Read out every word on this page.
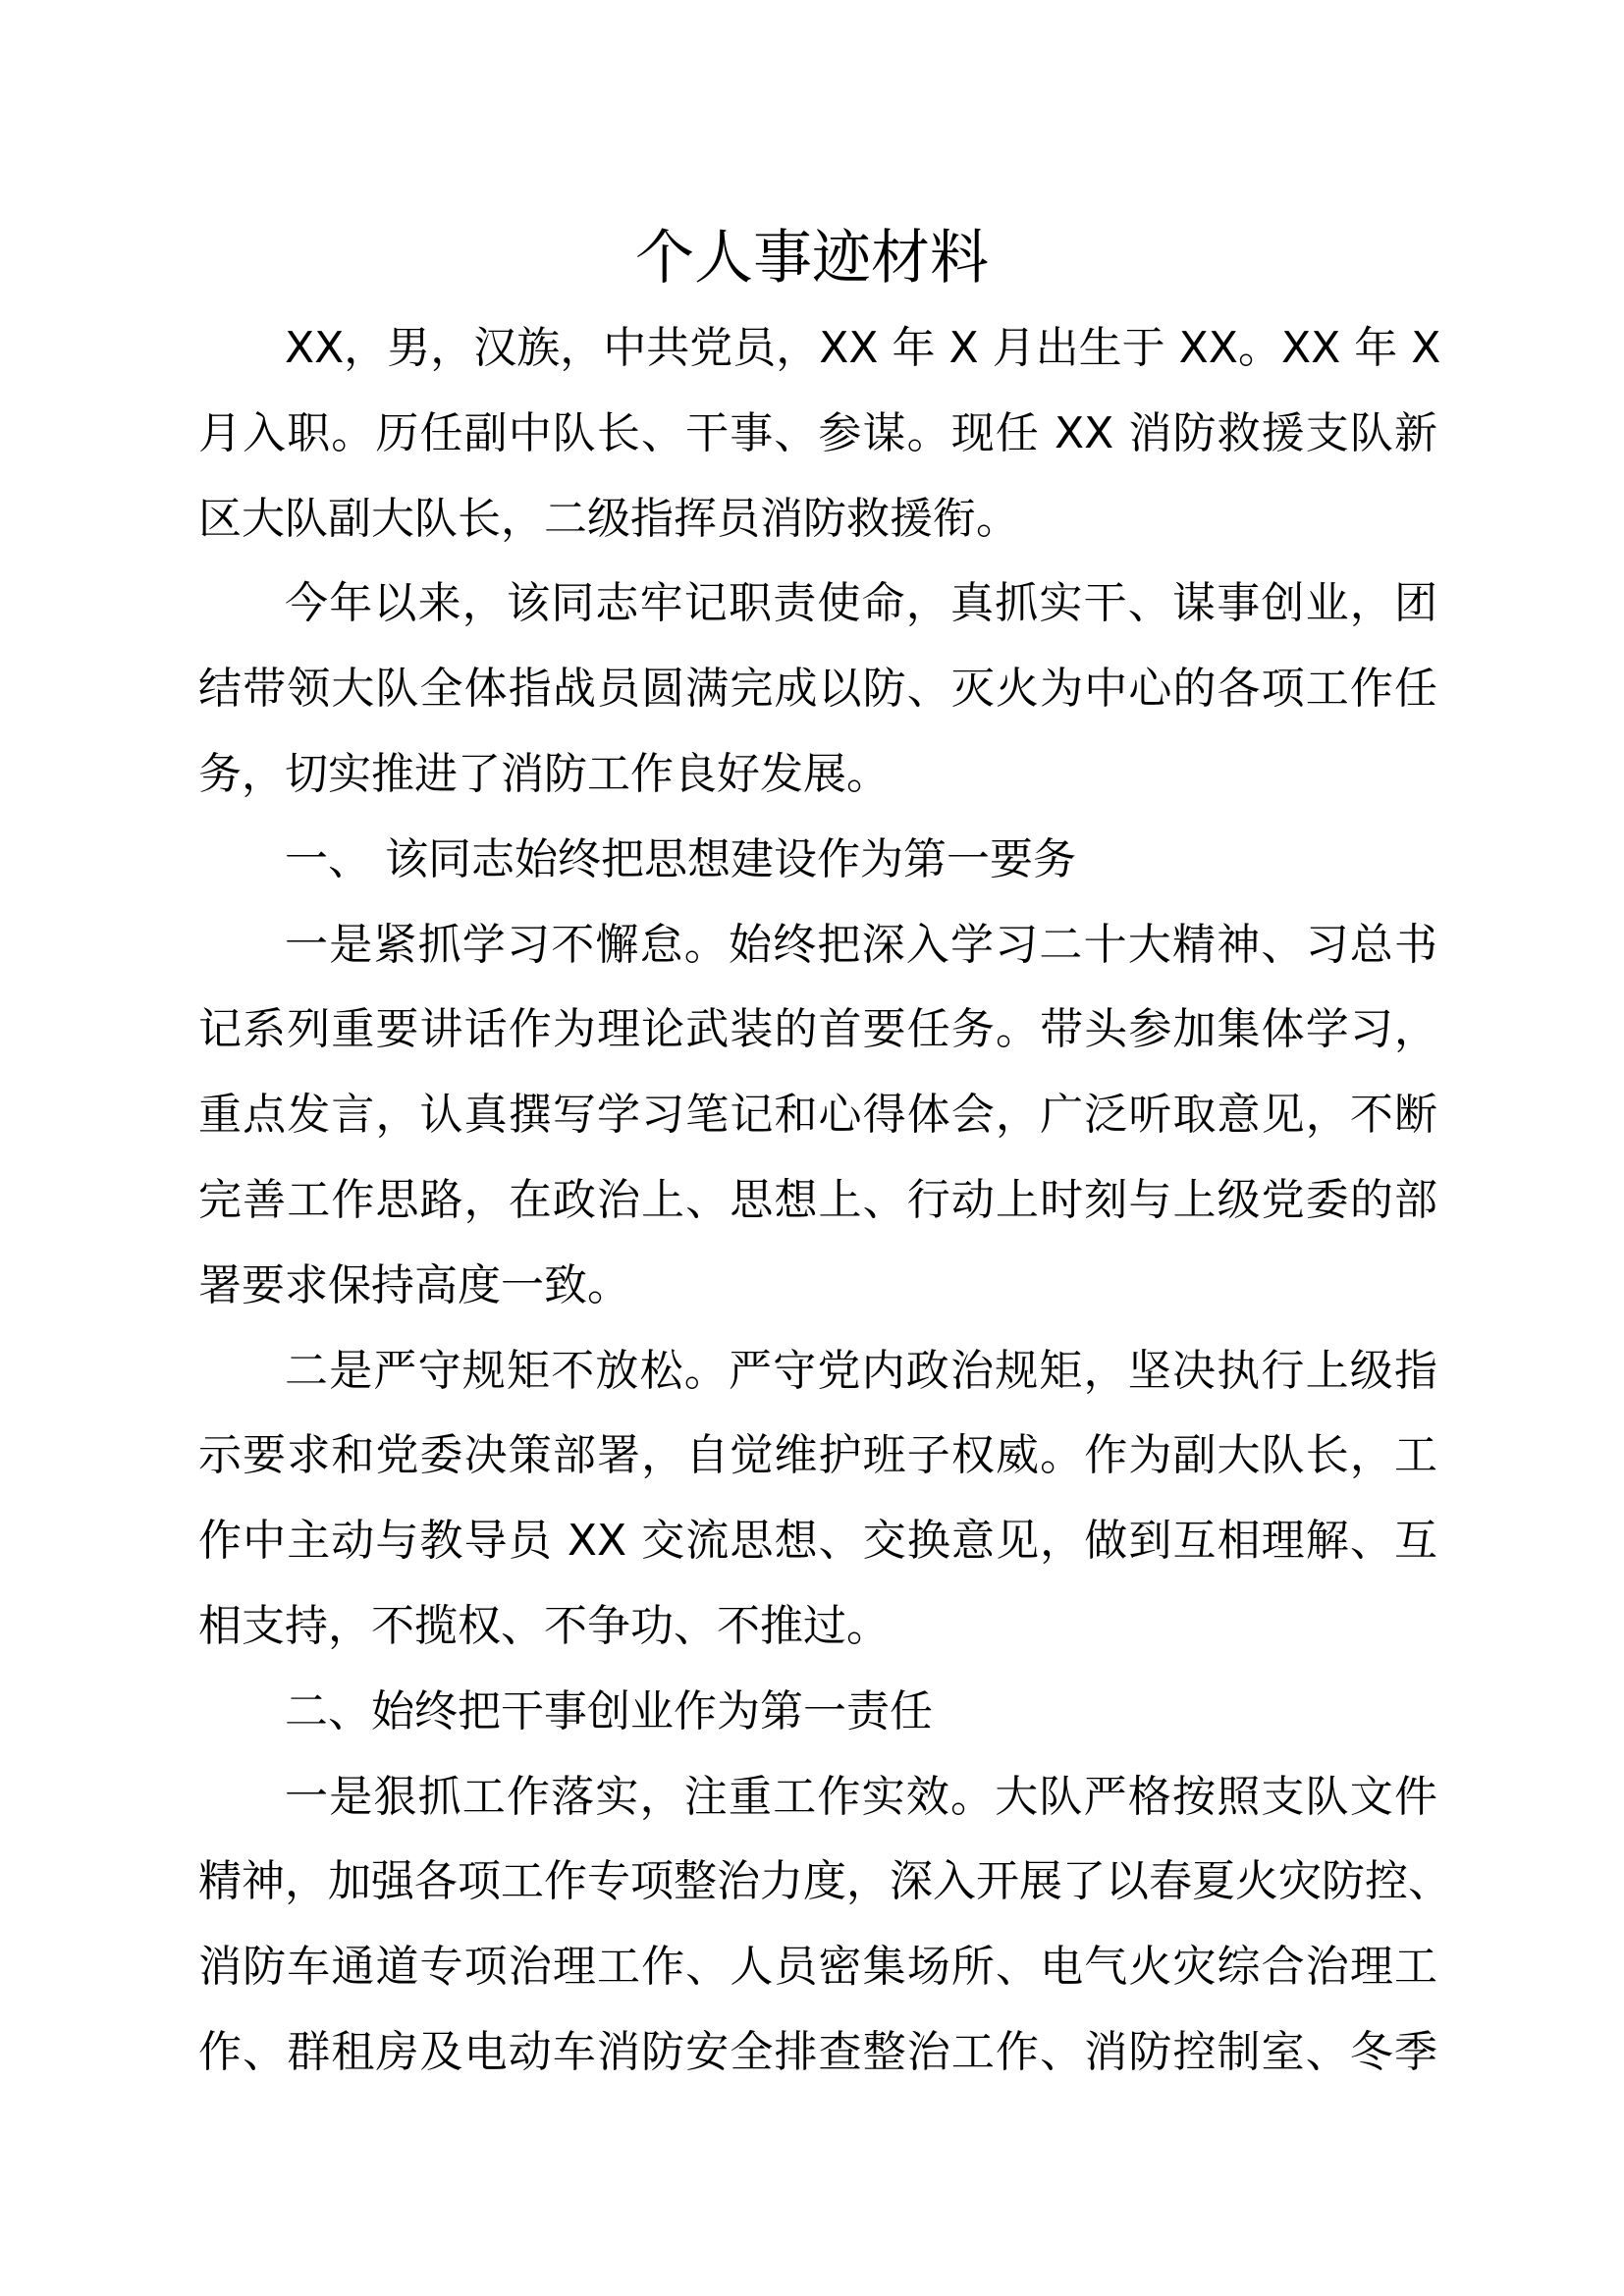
个人事迹材料
XX，男，汉族，中共党员，XX 年 X 月出生于 XX。XX 年 X
月入职。历任副中队长、干事、参谋。现任 XX 消防救援支队新
区大队副大队长，二级指挥员消防救援衔。
今年以来，该同志牢记职责使命，真抓实干、谋事创业，团
结带领大队全体指战员圆满完成以防、灭火为中心的各项工作任
务，切实推进了消防工作良好发展。
一、 该同志始终把思想建设作为第一要务
一是紧抓学习不懈怠。始终把深入学习二十大精神、习总书
记系列重要讲话作为理论武装的首要任务。带头参加集体学习，
重点发言，认真撰写学习笔记和心得体会，广泛听取意见，不断
完善工作思路，在政治上、思想上、行动上时刻与上级党委的部
署要求保持高度一致。
二是严守规矩不放松。严守党内政治规矩，坚决执行上级指
示要求和党委决策部署，自觉维护班子权威。作为副大队长，工
作中主动与教导员 XX 交流思想、交换意见，做到互相理解、互
相支持，不揽权、不争功、不推过。
二、始终把干事创业作为第一责任
一是狠抓工作落实，注重工作实效。大队严格按照支队文件
精神，加强各项工作专项整治力度，深入开展了以春夏火灾防控、
消防车通道专项治理工作、人员密集场所、电气火灾综合治理工
作、群租房及电动车消防安全排查整治工作、消防控制室、冬季
